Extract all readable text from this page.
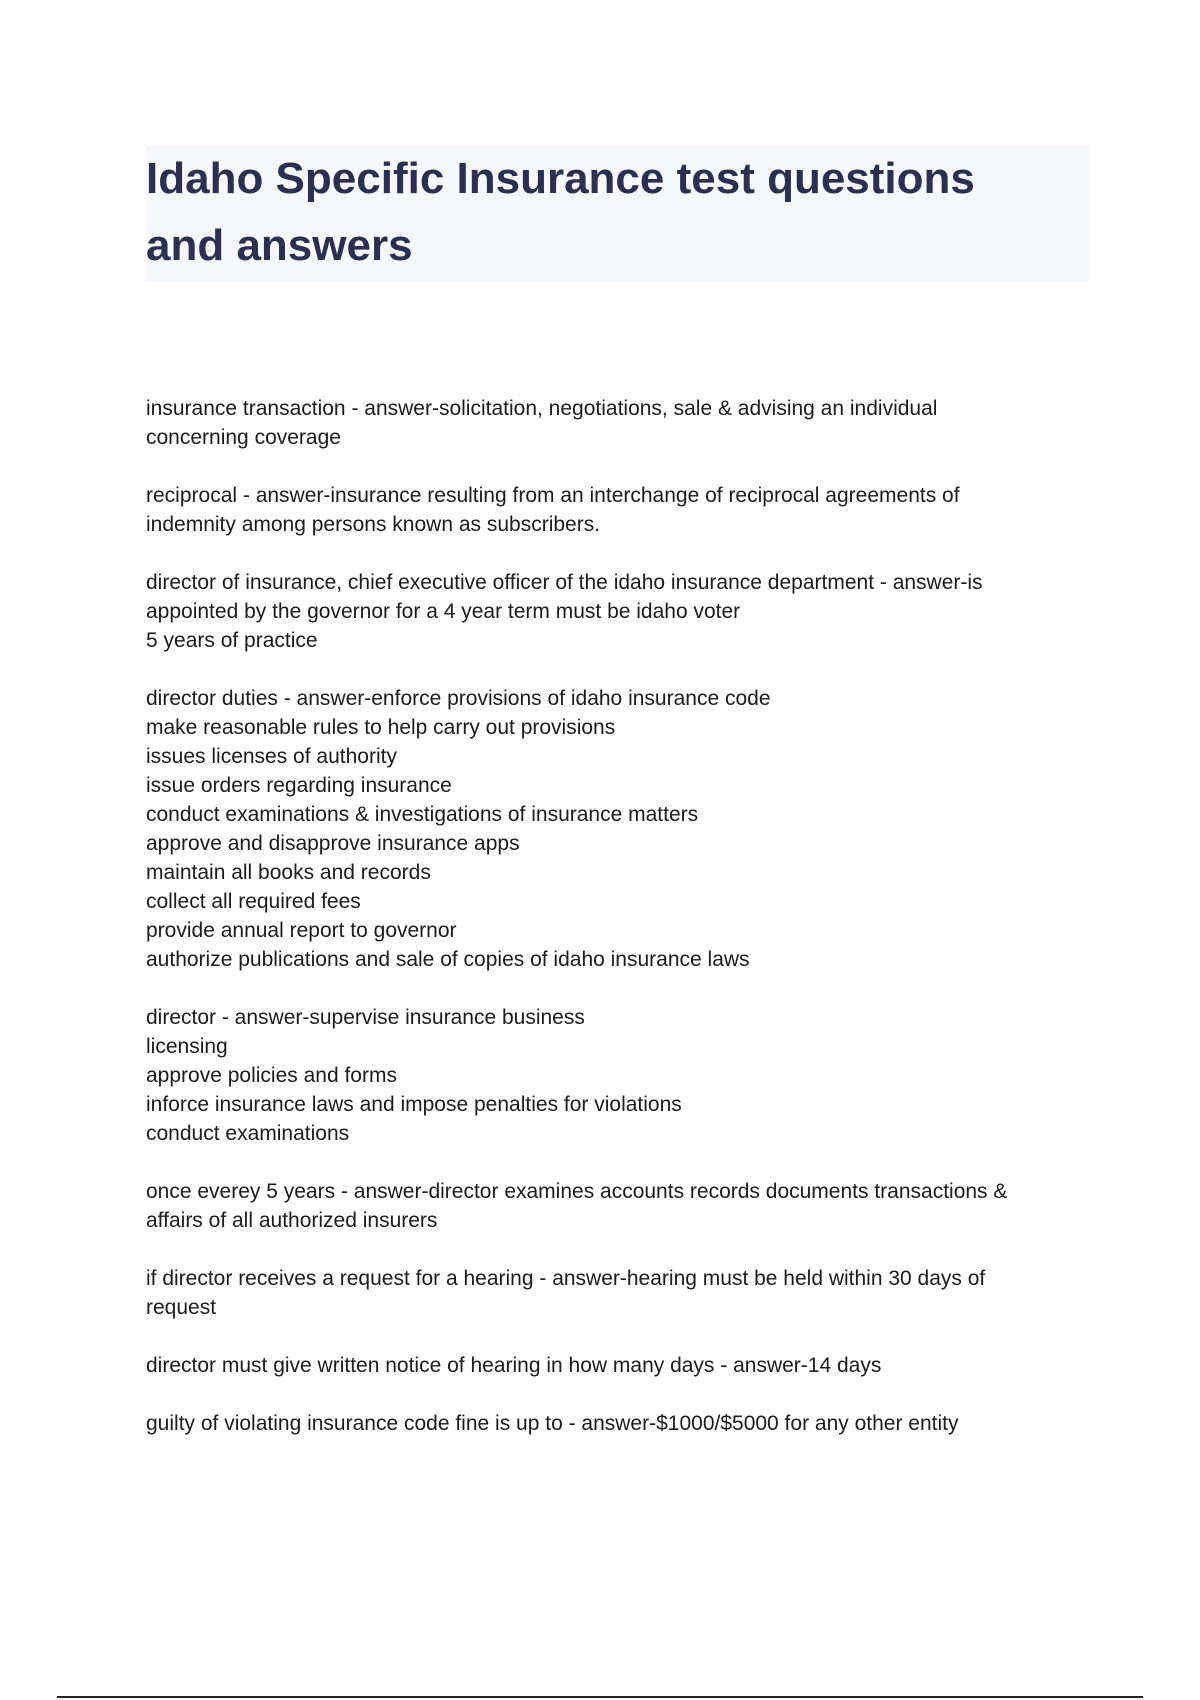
Idaho Specific Insurance test questions
and answers
insurance transaction - answer-solicitation, negotiations, sale & advising an individual
concerning coverage
reciprocal - answer-insurance resulting from an interchange of reciprocal agreements of
indemnity among persons known as subscribers.
director of insurance, chief executive officer of the idaho insurance department - answer-is
appointed by the governor for a 4 year term must be idaho voter
5 years of practice
director duties - answer-enforce provisions of idaho insurance code
make reasonable rules to help carry out provisions
issues licenses of authority
issue orders regarding insurance
conduct examinations & investigations of insurance matters
approve and disapprove insurance apps
maintain all books and records
collect all required fees
provide annual report to governor
authorize publications and sale of copies of idaho insurance laws
director - answer-supervise insurance business
licensing
approve policies and forms
inforce insurance laws and impose penalties for violations
conduct examinations
once everey 5 years - answer-director examines accounts records documents transactions &
affairs of all authorized insurers
if director receives a request for a hearing - answer-hearing must be held within 30 days of
request
director must give written notice of hearing in how many days - answer-14 days
guilty of violating insurance code fine is up to - answer-$1000/$5000 for any other entity
